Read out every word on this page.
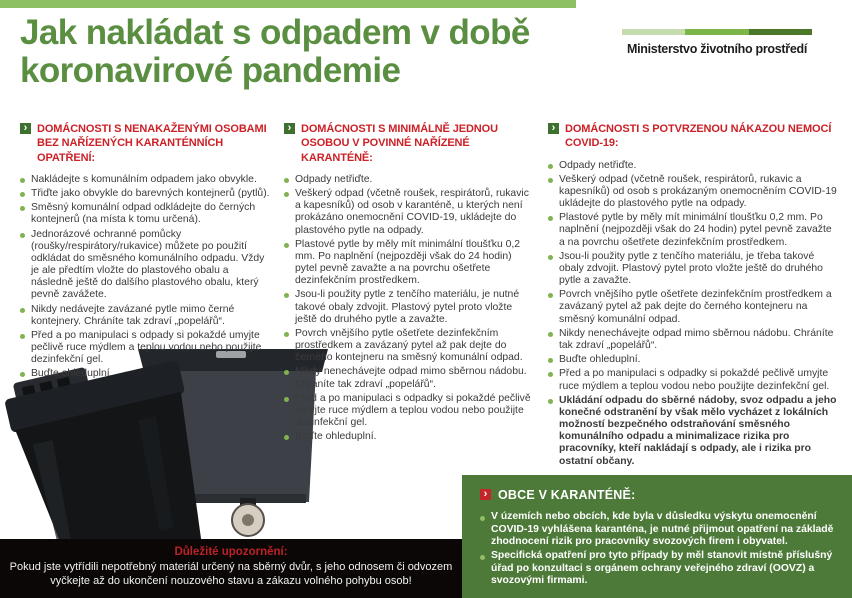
Jak nakládat s odpadem v době koronavirové pandemie
Ministerstvo životního prostředí
› DOMÁCNOSTI S NENAKAŽENÝMI OSOBAMI BEZ NAŘÍZENÝCH KARANTÉNNÍCH OPATŘENÍ:
Nakládejte s komunálním odpadem jako obvykle.
Třiďte jako obvykle do barevných kontejnerů (pytlů).
Směsný komunální odpad odkládejte do černých kontejnerů (na místa k tomu určená).
Jednorázové ochranné pomůcky (roušky/respirátory/rukavice) můžete po použití odkládat do směsného komunálního odpadu. Vždy je ale předtím vložte do plastového obalu a následně ještě do dalšího plastového obalu, který pevně zavážete.
Nikdy nedávejte zavázané pytle mimo černé kontejnery. Chráníte tak zdraví „popelářů“.
Před a po manipulaci s odpady si pokaždé umyjte pečlivě ruce mýdlem a teplou vodou nebo použijte dezinfekční gel.
Buďte ohleduplní.
› DOMÁCNOSTI S MINIMÁLNĚ JEDNOU OSOBOU V POVINNÉ NAŘÍZENÉ KARANTÉNĚ:
Odpady netřiďte.
Veškerý odpad (včetně roušek, respirátorů, rukavic a kapesníků) od osob v karanténě, u kterých není prokázáno onemocnění COVID-19, ukládejte do plastového pytle na odpady.
Plastové pytle by měly mít minimální tloušťku 0,2 mm. Po naplnění (nejpozději však do 24 hodin) pytel pevně zavažte a na povrchu ošetřete dezinfekčním prostředkem.
Jsou-li použity pytle z tenčího materiálu, je nutné takové obaly zdvojit. Plastový pytel proto vložte ještě do druhého pytle a zavažte.
Povrch vnějšího pytle ošetřete dezinfekčním prostředkem a zavázaný pytel až pak dejte do černého kontejneru na směsný komunální odpad.
Nikdy nenechávejte odpad mimo sběrnou nádobu. Chráníte tak zdraví „popelářů“.
Před a po manipulaci s odpadky si pokaždé pečlivě umyjte ruce mýdlem a teplou vodou nebo použijte dezinfekční gel.
Buďte ohleduplní.
› DOMÁCNOSTI S POTVRZENOU NÁKAZOU NEMOCÍ COVID-19:
Odpady netřiďte.
Veškerý odpad (včetně roušek, respirátorů, rukavic a kapesníků) od osob s prokázaným onemocněním COVID-19 ukládejte do plastového pytle na odpady.
Plastové pytle by měly mít minimální tloušťku 0,2 mm. Po naplnění (nejpozději však do 24 hodin) pytel pevně zavažte a na povrchu ošetřete dezinfekčním prostředkem.
Jsou-li použity pytle z tenčího materiálu, je třeba takové obaly zdvojit. Plastový pytel proto vložte ještě do druhého pytle a zavažte.
Povrch vnějšího pytle ošetřete dezinfekčním prostředkem a zavázaný pytel až pak dejte do černého kontejneru na směsný komunální odpad.
Nikdy nenechávejte odpad mimo sběrnou nádobu. Chráníte tak zdraví „popelářů“.
Buďte ohleduplní.
Před a po manipulaci s odpadky si pokaždé pečlivě umyjte ruce mýdlem a teplou vodou nebo použijte dezinfekční gel.
Ukládání odpadu do sběrné nádoby, svoz odpadu a jeho konečné odstranění by však mělo vycházet z lokálních možností bezpečného odstraňování směsného komunálního odpadu a minimalizace rizika pro pracovníky, kteří nakládají s odpady, ale i rizika pro ostatní občany.
› OBCE V KARANTÉNĚ:
V územích nebo obcích, kde byla v důsledku výskytu onemocnění COVID-19 vyhlášena karanténa, je nutné přijmout opatření na základě zhodnocení rizik pro pracovníky svozových firem i obyvatel.
Specifická opatření pro tyto případy by měl stanovit místně příslušný úřad po konzultaci s orgánem ochrany veřejného zdraví (OOVZ) a svozovými firmami.
Důležité upozornění:
Pokud jste vytřídili nepotřebný materiál určený na sběrný dvůr, s jeho odnosem či odvozem vyčkejte až do ukončení nouzového stavu a zákazu volného pohybu osob!
